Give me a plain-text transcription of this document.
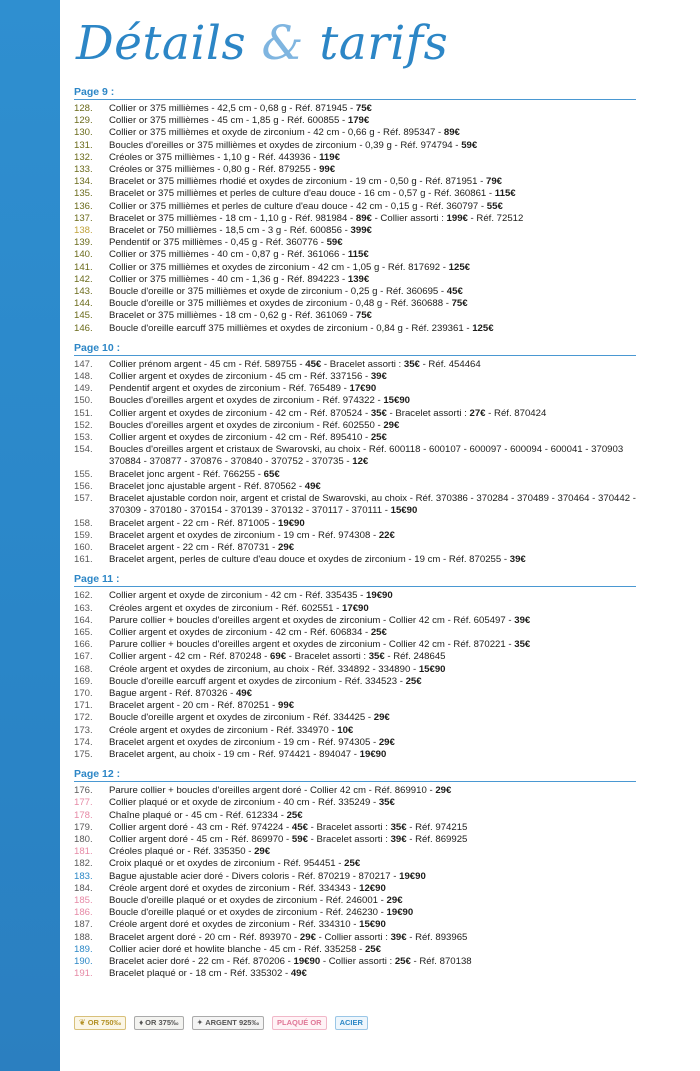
Détails & tarifs
Page 9 :
128.	Collier or 375 millièmes - 42,5 cm - 0,68 g - Réf. 871945 - 75€
129.	Collier or 375 millièmes - 45 cm - 1,85 g - Réf. 600855 - 179€
130.	Collier or 375 millièmes et oxyde de zirconium - 42 cm - 0,66 g - Réf. 895347 - 89€
131.	Boucles d'oreilles or 375 millièmes et oxydes de zirconium - 0,39 g - Réf. 974794 - 59€
132.	Créoles or 375 millièmes - 1,10 g - Réf. 443936 - 119€
133.	Créoles or 375 millièmes - 0,80 g - Réf. 879255 - 99€
134.	Bracelet or 375 millièmes rhodié et oxydes de zirconium - 19 cm - 0,50 g - Réf. 871951 - 79€
135.	Bracelet or 375 millièmes et perles de culture d'eau douce - 16 cm - 0,57 g - Réf. 360861 - 115€
136.	Collier or 375 millièmes et perles de culture d'eau douce - 42 cm - 0,15 g - Réf. 360797 - 55€
137.	Bracelet or 375 millièmes - 18 cm - 1,10 g - Réf. 981984 - 89€ - Collier assorti : 199€ - Réf. 72512
138.	Bracelet or 750 millièmes - 18,5 cm - 3 g - Réf. 600856 - 399€
139.	Pendentif or 375 millièmes - 0,45 g - Réf. 360776 - 59€
140.	Collier or 375 millièmes - 40 cm - 0,87 g - Réf. 361066 - 115€
141.	Collier or 375 millièmes et oxydes de zirconium - 42 cm - 1,05 g - Réf. 817692 - 125€
142.	Collier or 375 millièmes - 40 cm - 1,36 g - Réf. 894223 - 139€
143.	Boucle d'oreille or 375 millièmes et oxyde de zirconium - 0,25 g - Réf. 360695 - 45€
144.	Boucle d'oreille or 375 millièmes et oxydes de zirconium - 0,48 g - Réf. 360688 - 75€
145.	Bracelet or 375 millièmes - 18 cm - 0,62 g - Réf. 361069 - 75€
146.	Boucle d'oreille earcuff 375 millièmes et oxydes de zirconium - 0,84 g - Réf. 239361 - 125€
Page 10 :
147.	Collier prénom argent - 45 cm - Réf. 589755 - 45€ - Bracelet assorti : 35€ - Réf. 454464
148.	Collier argent et oxydes de zirconium - 45 cm - Réf. 337156 - 39€
149.	Pendentif argent et oxydes de zirconium - Réf. 765489 - 17€90
150.	Boucles d'oreilles argent et oxydes de zirconium - Réf. 974322 - 15€90
151.	Collier argent et oxydes de zirconium - 42 cm - Réf. 870524 - 35€ - Bracelet assorti : 27€ - Réf. 870424
152.	Boucles d'oreilles argent et oxydes de zirconium - Réf. 602550 - 29€
153.	Collier argent et oxydes de zirconium - 42 cm - Réf. 895410 - 25€
154.	Boucles d'oreilles argent et cristaux de Swarovski, au choix - Réf. 600118 - 600107 - 600097 - 600094 - 600041 - 370903 370884 - 370877 - 370876 - 370840 - 370752 - 370735 - 12€
155.	Bracelet jonc argent - Réf. 766255 - 65€
156.	Bracelet jonc ajustable argent - Réf. 870562 - 49€
157.	Bracelet ajustable cordon noir, argent et cristal de Swarovski, au choix - Réf. 370386 - 370284 - 370489 - 370464 - 370442 - 370309 - 370180 - 370154 - 370139 - 370132 - 370117 - 370111 - 15€90
158.	Bracelet argent - 22 cm - Réf. 871005 - 19€90
159.	Bracelet argent et oxydes de zirconium - 19 cm - Réf. 974308 - 22€
160.	Bracelet argent - 22 cm - Réf. 870731 - 29€
161.	Bracelet argent, perles de culture d'eau douce et oxydes de zirconium - 19 cm - Réf. 870255 - 39€
Page 11 :
162.	Collier argent et oxyde de zirconium - 42 cm - Réf. 335435 - 19€90
163.	Créoles argent et oxydes de zirconium - Réf. 602551 - 17€90
164.	Parure collier + boucles d'oreilles argent et oxydes de zirconium - Collier 42 cm - Réf. 605497 - 39€
165.	Collier argent et oxydes de zirconium - 42 cm - Réf. 606834 - 25€
166.	Parure collier + boucles d'oreilles argent et oxydes de zirconium - Collier 42 cm - Réf. 870221 - 35€
167.	Collier argent - 42 cm - Réf. 870248 - 69€ - Bracelet assorti : 35€ - Réf. 248645
168.	Créole argent et oxydes de zirconium, au choix - Réf. 334892 - 334890 - 15€90
169.	Boucle d'oreille earcuff argent et oxydes de zirconium - Réf. 334523 - 25€
170.	Bague argent - Réf. 870326 - 49€
171.	Bracelet argent - 20 cm - Réf. 870251 - 99€
172.	Boucle d'oreille argent et oxydes de zirconium - Réf. 334425 - 29€
173.	Créole argent et oxydes de zirconium - Réf. 334970 - 10€
174.	Bracelet argent et oxydes de zirconium - 19 cm - Réf. 974305 - 29€
175.	Bracelet argent, au choix - 19 cm - Réf. 974421 - 894047 - 19€90
Page 12 :
176.	Parure collier + boucles d'oreilles argent doré - Collier 42 cm - Réf. 869910 - 29€
177.	Collier plaqué or et oxyde de zirconium - 40 cm - Réf. 335249 - 35€
178.	Chaîne plaqué or - 45 cm - Réf. 612334 - 25€
179.	Collier argent doré - 43 cm - Réf. 974224 - 45€ - Bracelet assorti : 35€ - Réf. 974215
180.	Collier argent doré - 45 cm - Réf. 869970 - 59€ - Bracelet assorti : 39€ - Réf. 869925
181.	Créoles plaqué or - Réf. 335350 - 29€
182.	Croix plaqué or et oxydes de zirconium - Réf. 954451 - 25€
183.	Bague ajustable acier doré - Divers coloris - Réf. 870219 - 870217 - 19€90
184.	Créole argent doré et oxydes de zirconium - Réf. 334343 - 12€90
185.	Boucle d'oreille plaqué or et oxydes de zirconium - Réf. 246001 - 29€
186.	Boucle d'oreille plaqué or et oxydes de zirconium - Réf. 246230 - 19€90
187.	Créole argent doré et oxydes de zirconium - Réf. 334310 - 15€90
188.	Bracelet argent doré - 20 cm - Réf. 893970 - 29€ - Collier assorti : 39€ - Réf. 893965
189.	Collier acier doré et howlite blanche - 45 cm - Réf. 335258 - 25€
190.	Bracelet acier doré - 22 cm - Réf. 870206 - 19€90 - Collier assorti : 25€ - Réf. 870138
191.	Bracelet plaqué or - 18 cm - Réf. 335302 - 49€
❦ OR 750‰ ♦ OR 375‰ ✦ ARGENT 925‰ PLAQUÉ OR ACIER
